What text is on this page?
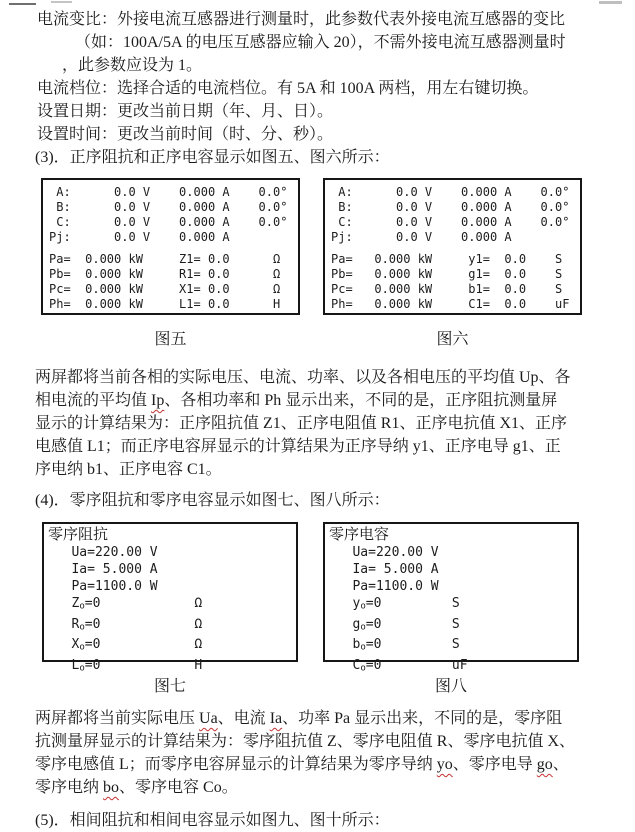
电流变比：外接电流互感器进行测量时，此参数代表外接电流互感器的变比
（如：100A/5A 的电压互感器应输入 20），不需外接电流互感器测量时
，此参数应设为 1。
电流档位：选择合适的电流档位。有 5A 和 100A 两档，用左右键切换。
设置日期：更改当前日期（年、月、日）。
设置时间：更改当前时间（时、分、秒）。
(3)．正序阻抗和正序电容显示如图五、图六所示：
A:      0.0 V    0.000 A    0.0°
B:      0.0 V    0.000 A    0.0°
C:      0.0 V    0.000 A    0.0°
Pj:      0.0 V    0.000 A
Pa=  0.000 kW     Z1= 0.0      Ω
Pb=  0.000 kW     R1= 0.0      Ω
Pc=  0.000 kW     X1= 0.0      Ω
Ph=  0.000 kW     L1= 0.0      H
图五
A:      0.0 V    0.000 A    0.0°
B:      0.0 V    0.000 A    0.0°
C:      0.0 V    0.000 A    0.0°
Pj:      0.0 V    0.000 A
Pa=   0.000 kW     y1=  0.0    S
Pb=   0.000 kW     g1=  0.0    S
Pc=   0.000 kW     b1=  0.0    S
Ph=   0.000 kW     C1=  0.0    uF
图六
两屏都将当前各相的实际电压、电流、功率、以及各相电压的平均值 Up、各
相电流的平均值 Ip、各相功率和 Ph 显示出来，不同的是，正序阻抗测量屏
显示的计算结果为：正序阻抗值 Z1、正序电阻值 R1、正序电抗值 X1、正序
电感值 L1；而正序电容屏显示的计算结果为正序导纳 y1、正序电导 g1、正
序电纳 b1、正序电容 C1。
(4)．零序阻抗和零序电容显示如图七、图八所示：
零序阻抗
Ua=220.00 V
Ia= 5.000 A
Pa=1100.0 W
Zo=0            Ω
Ro=0            Ω
Xo=0            Ω
Lo=0            H
图七
零序电容
Ua=220.00 V
Ia= 5.000 A
Pa=1100.0 W
yo=0         S
go=0         S
bo=0         S
Co=0         uF
图八
两屏都将当前实际电压 Ua、电流 Ia、功率 Pa 显示出来，不同的是，零序阻
抗测量屏显示的计算结果为：零序阻抗值 Z、零序电阻值 R、零序电抗值 X、
零序电感值 L；而零序电容屏显示的计算结果为零序导纳 yo、零序电导 go、
零序电纳 bo、零序电容 Co。
(5)．相间阻抗和相间电容显示如图九、图十所示：
